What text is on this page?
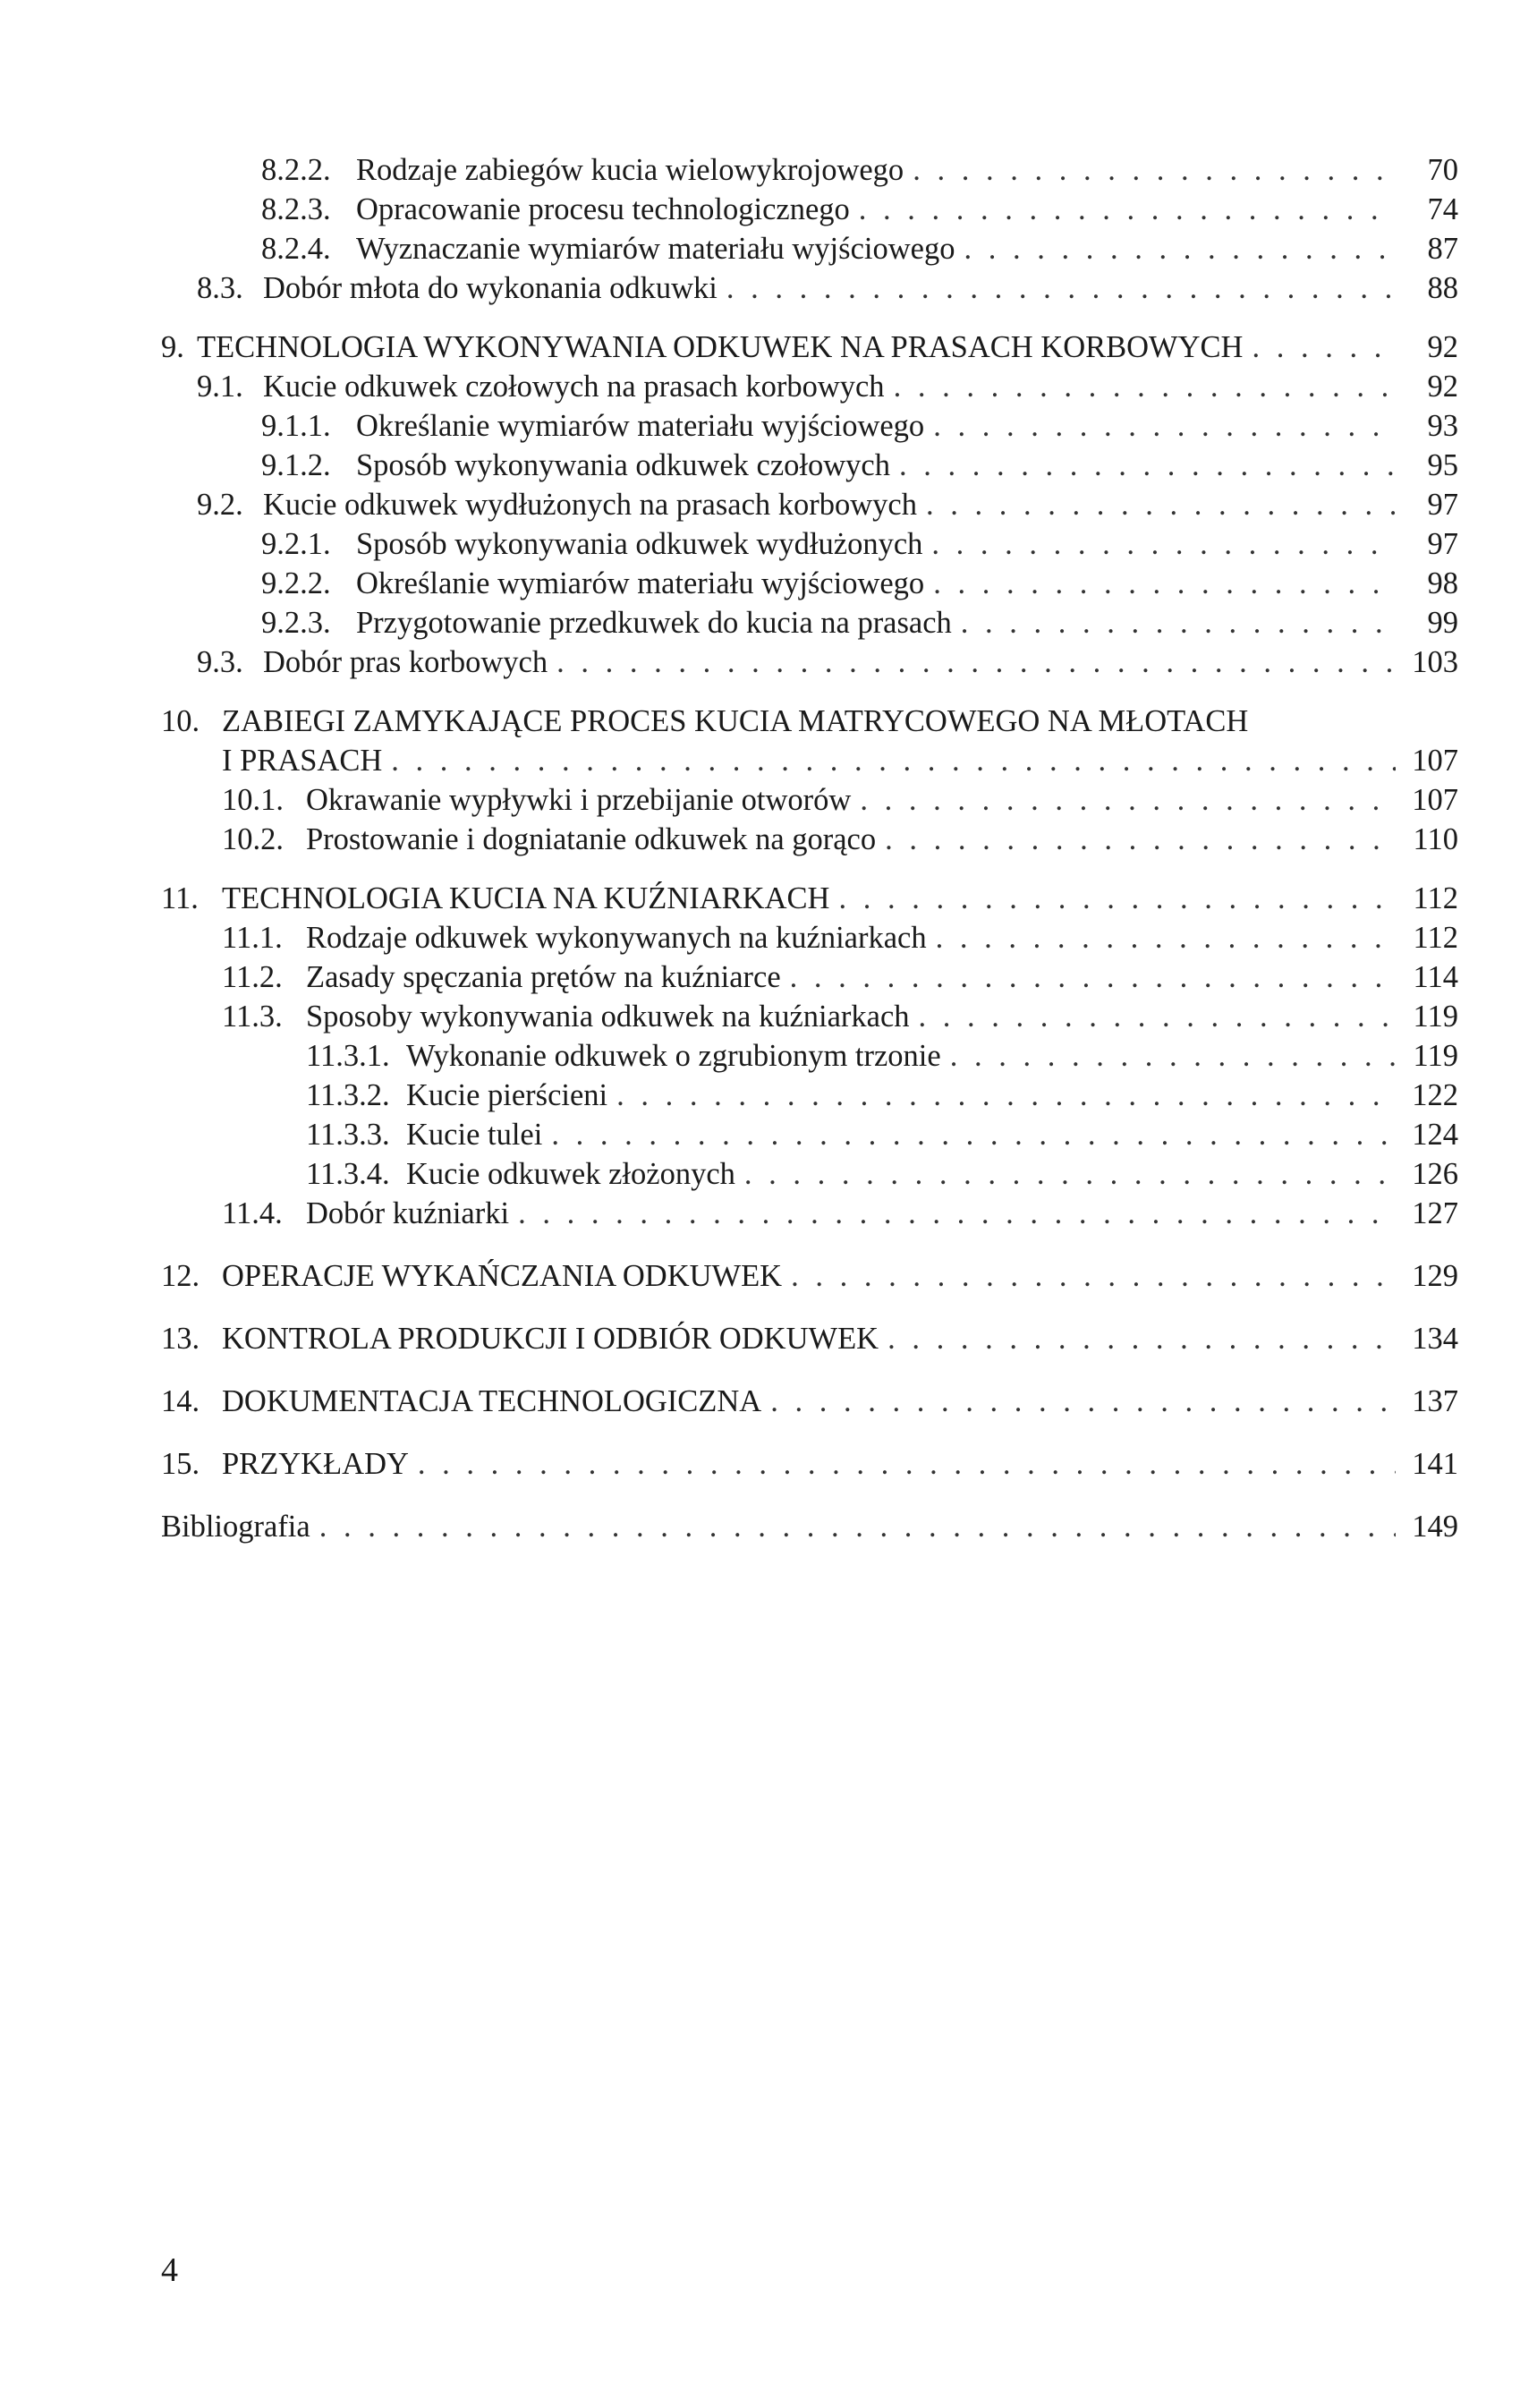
8.2.2. Rodzaje zabiegów kucia wielowykrojowego . . .	70
8.2.3. Opracowanie procesu technologicznego . . .	74
8.2.4. Wyznaczanie wymiarów materiału wyjściowego . . .	87
8.3. Dobór młota do wykonania odkuwki . . .	88
9. TECHNOLOGIA WYKONYWANIA ODKUWEK NA PRASACH KORBOWYCH . . .	92
9.1. Kucie odkuwek czołowych na prasach korbowych . . .	92
9.1.1. Określanie wymiarów materiału wyjściowego . . .	93
9.1.2. Sposób wykonywania odkuwek czołowych . . .	95
9.2. Kucie odkuwek wydłużonych na prasach korbowych . . .	97
9.2.1. Sposób wykonywania odkuwek wydłużonych . . .	97
9.2.2. Określanie wymiarów materiału wyjściowego . . .	98
9.2.3. Przygotowanie przedkuwek do kucia na prasach . . .	99
9.3. Dobór pras korbowych . . .	103
10. ZABIEGI ZAMYKAJĄCE PROCES KUCIA MATRYCOWEGO NA MŁOTACH
I PRASACH . . .	107
10.1. Okrawanie wypływki i przebijanie otworów . . .	107
10.2. Prostowanie i dogniatanie odkuwek na gorąco . . .	110
11. TECHNOLOGIA KUCIA NA KUŹNIARKACH . . .	112
11.1. Rodzaje odkuwek wykonywanych na kuźniarkach . . .	112
11.2. Zasady spęczania prętów na kuźniarce . . .	114
11.3. Sposoby wykonywania odkuwek na kuźniarkach . . .	119
11.3.1. Wykonanie odkuwek o zgrubionym trzonie . . .	119
11.3.2. Kucie pierścieni . . .	122
11.3.3. Kucie tulei . . .	124
11.3.4. Kucie odkuwek złożonych . . .	126
11.4. Dobór kuźniarki . . .	127
12. OPERACJE WYKAŃCZANIA ODKUWEK . . .	129
13. KONTROLA PRODUKCJI I ODBIÓR ODKUWEK . . .	134
14. DOKUMENTACJA TECHNOLOGICZNA . . .	137
15. PRZYKŁADY . . .	141
Bibliografia . . .	149
4
